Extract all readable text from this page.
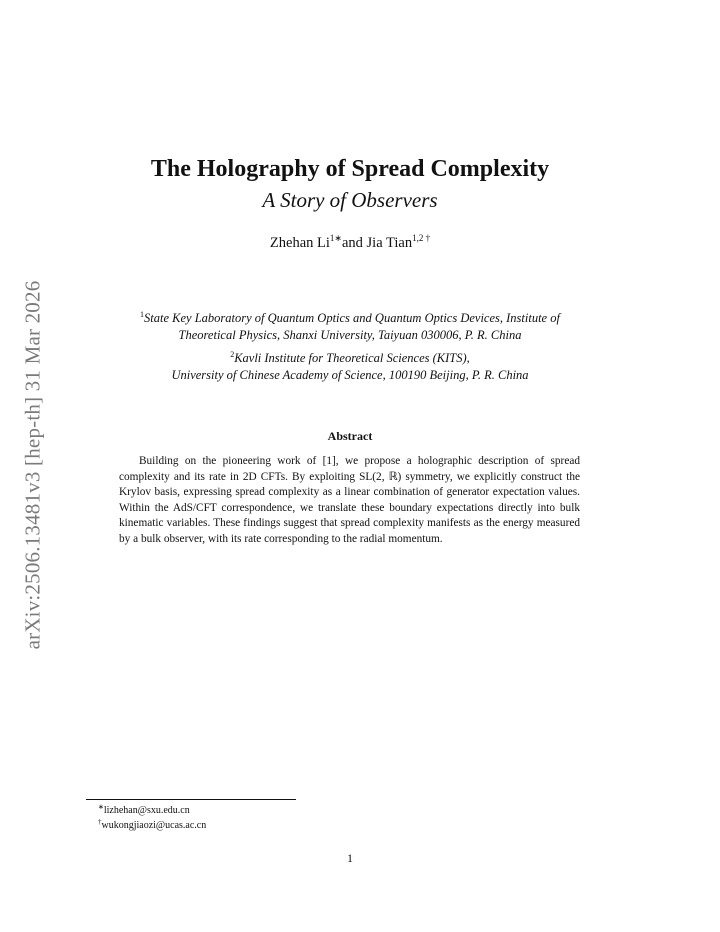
arXiv:2506.13481v3 [hep-th] 31 Mar 2026
The Holography of Spread Complexity
A Story of Observers
Zhehan $Li^{1∗}and$ Jia Tian$^{1,2 \dagger}$
$^1$State Key Laboratory of Quantum Optics and Quantum Optics Devices, Institute of
Theoretical Physics, Shanxi University, Taiyuan 030006, P. R. China
$^2$Kavli Institute for Theoretical Sciences (KITS),
University of Chinese Academy of Science, 100190 Beijing, P. R. China
Abstract

Building on the pioneering work of [1], we propose a holographic description of spread complexity and its rate in 2D CFTs. By exploiting SL(2, ℝ) symmetry, we explicitly construct the Krylov basis, expressing spread complexity as a linear combination of generator expectation values. Within the AdS/CFT correspondence, we translate these boundary expectations directly into bulk kinematic variables. These findings suggest that spread complexity manifests as the energy measured by a bulk observer, with its rate corresponding to the radial momentum.

∗lizhehan@sxu.edu.cn
†wukongjiaozi@ucas.ac.cn
1
